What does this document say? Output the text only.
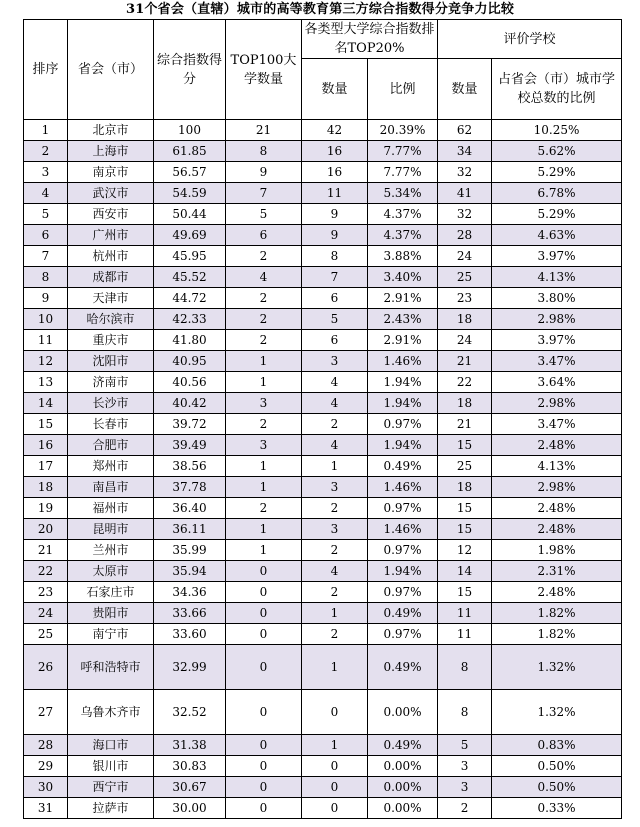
31个省会（直辖）城市的高等教育第三方综合指数得分竞争力比较
排序	省会（市）	综合指数得分	TOP100大学数量	各类型大学综合指数排名TOP20%		评价学校	
				数量	比例	数量	占省会（市）城市学校总数的比例
1	北京市	100	21	42	20.39%	62	10.25%
2	上海市	61.85	8	16	7.77%	34	5.62%
3	南京市	56.57	9	16	7.77%	32	5.29%
4	武汉市	54.59	7	11	5.34%	41	6.78%
5	西安市	50.44	5	9	4.37%	32	5.29%
6	广州市	49.69	6	9	4.37%	28	4.63%
7	杭州市	45.95	2	8	3.88%	24	3.97%
8	成都市	45.52	4	7	3.40%	25	4.13%
9	天津市	44.72	2	6	2.91%	23	3.80%
10	哈尔滨市	42.33	2	5	2.43%	18	2.98%
11	重庆市	41.80	2	6	2.91%	24	3.97%
12	沈阳市	40.95	1	3	1.46%	21	3.47%
13	济南市	40.56	1	4	1.94%	22	3.64%
14	长沙市	40.42	3	4	1.94%	18	2.98%
15	长春市	39.72	2	2	0.97%	21	3.47%
16	合肥市	39.49	3	4	1.94%	15	2.48%
17	郑州市	38.56	1	1	0.49%	25	4.13%
18	南昌市	37.78	1	3	1.46%	18	2.98%
19	福州市	36.40	2	2	0.97%	15	2.48%
20	昆明市	36.11	1	3	1.46%	15	2.48%
21	兰州市	35.99	1	2	0.97%	12	1.98%
22	太原市	35.94	0	4	1.94%	14	2.31%
23	石家庄市	34.36	0	2	0.97%	15	2.48%
24	贵阳市	33.66	0	1	0.49%	11	1.82%
25	南宁市	33.60	0	2	0.97%	11	1.82%
26	呼和浩特市	32.99	0	1	0.49%	8	1.32%
27	乌鲁木齐市	32.52	0	0	0.00%	8	1.32%
28	海口市	31.38	0	1	0.49%	5	0.83%
29	银川市	30.83	0	0	0.00%	3	0.50%
30	西宁市	30.67	0	0	0.00%	3	0.50%
31	拉萨市	30.00	0	0	0.00%	2	0.33%
